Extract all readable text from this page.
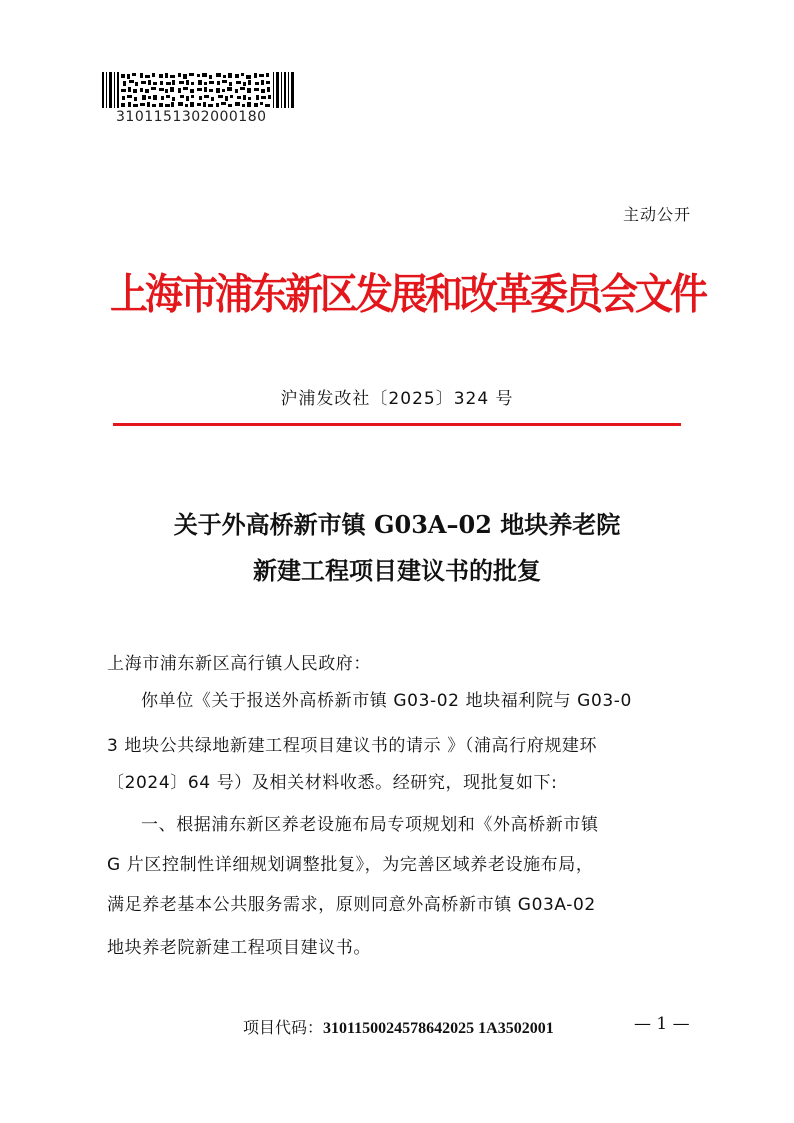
3101151302000180
主动公开
上海市浦东新区发展和改革委员会文件
沪浦发改社〔2025〕324 号
关于外高桥新市镇 G03A–02 地块养老院
新建工程项目建议书的批复
上海市浦东新区高行镇人民政府：
你单位《关于报送外高桥新市镇 G03-02 地块福利院与 G03-0
3 地块公共绿地新建工程项目建议书的请示 》（浦高行府规建环
〔2024〕64 号）及相关材料收悉。经研究，现批复如下:
一、根据浦东新区养老设施布局专项规划和《外高桥新市镇
G 片区控制性详细规划调整批复》，为完善区域养老设施布局，
满足养老基本公共服务需求，原则同意外高桥新市镇 G03A-02
地块养老院新建工程项目建议书。
项目代码：3101150024578642025 1A3502001	— 1 —
